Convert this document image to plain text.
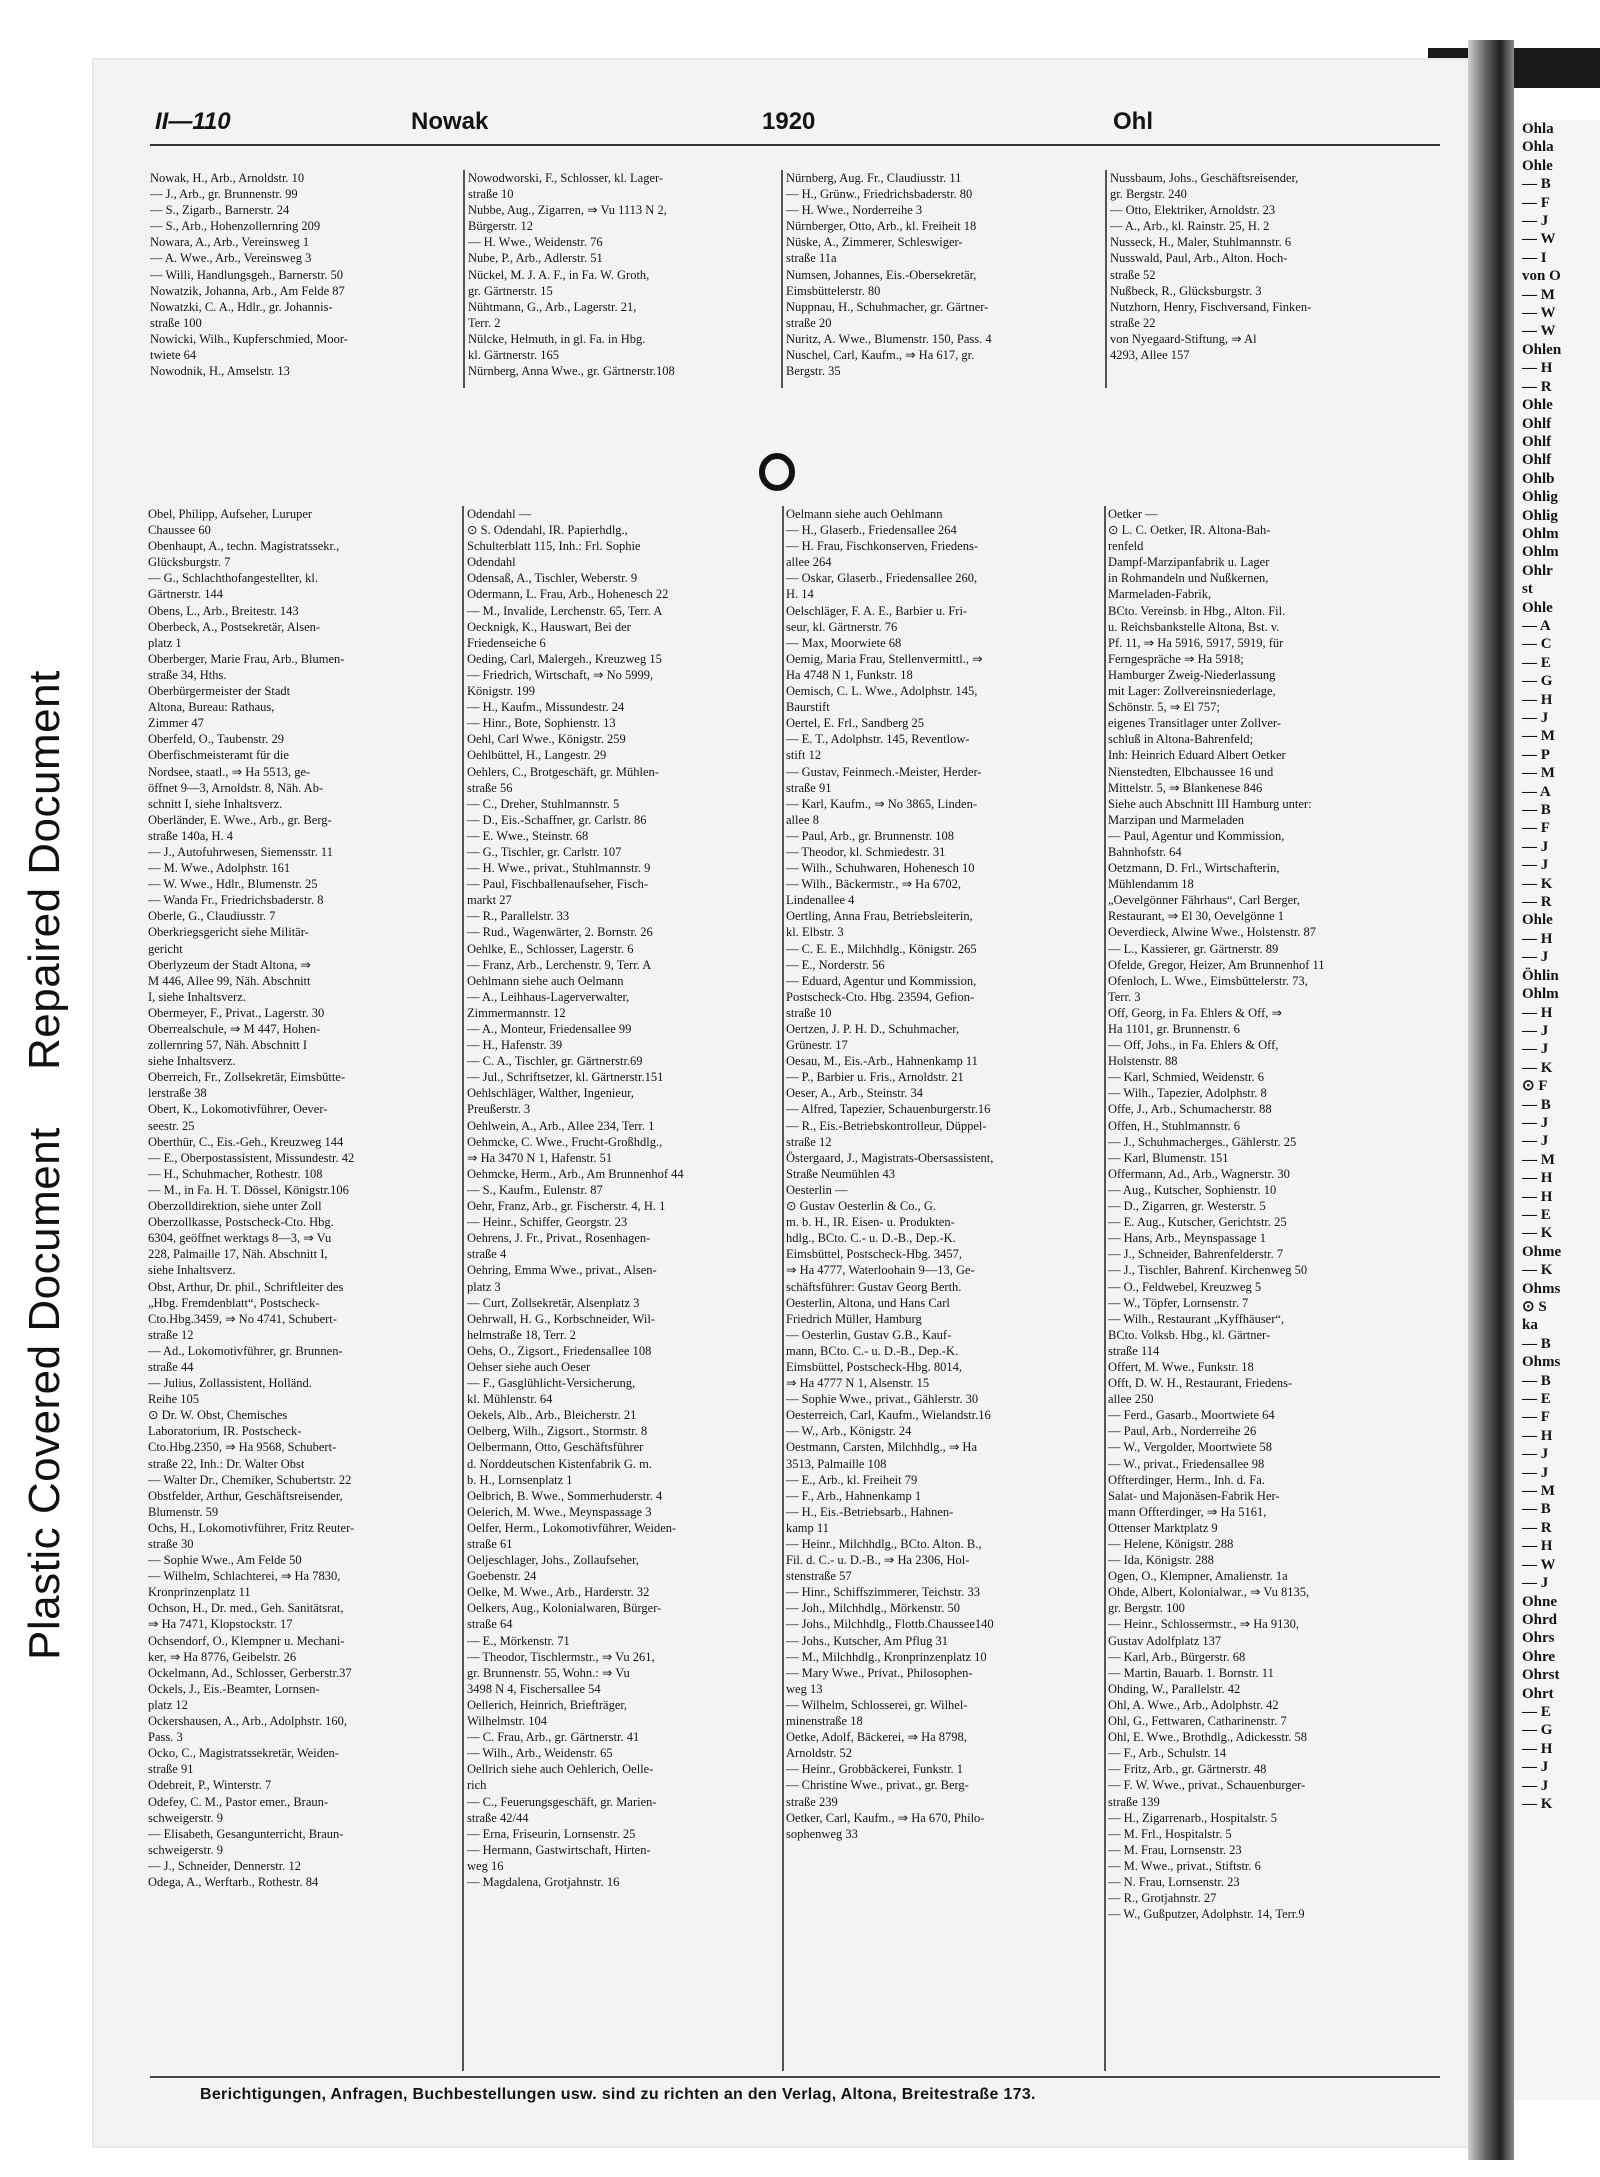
Plastic Covered Document
Repaired Document
Ohla
Ohla
Ohle
— B
— F
— J
— W
— I
von O
— M
— W
— W
Ohlen
— H
— R
Ohle
Ohlf
Ohlf
Ohlf
Ohlb
Ohlig
Ohlig
Ohlm
Ohlm
Ohlr
st
Ohle
— A
— C
— E
— G
— H
— J
— M
— P
— M
— A
— B
— F
— J
— J
— K
— R
Ohle
— H
— J
Öhlin
Ohlm
— H
— J
— J
— K
⊙ F
— B
— J
— J
— M
— H
— H
— E
— K
Ohme
— K
Ohms
⊙ S
ka
— B
Ohms
— B
— E
— F
— H
— J
— J
— M
— B
— R
— H
— W
— J
Ohne
Ohrd
Ohrs
Ohre
Ohrst
Ohrt
— E
— G
— H
— J
— J
— K
II—110	Nowak	1920	Ohl
Nowak, H., Arb., Arnoldstr. 10
— J., Arb., gr. Brunnenstr. 99
— S., Zigarb., Barnerstr. 24
— S., Arb., Hohenzollernring 209
Nowara, A., Arb., Vereinsweg 1
— A. Wwe., Arb., Vereinsweg 3
— Willi, Handlungsgeh., Barnerstr. 50
Nowatzik, Johanna, Arb., Am Felde 87
Nowatzki, C. A., Hdlr., gr. Johannis-
straße 100
Nowicki, Wilh., Kupferschmied, Moor-
twiete 64
Nowodnik, H., Amselstr. 13
Nowodworski, F., Schlosser, kl. Lager-
straße 10
Nubbe, Aug., Zigarren, ⇒ Vu 1113 N 2,
Bürgerstr. 12
— H. Wwe., Weidenstr. 76
Nube, P., Arb., Adlerstr. 51
Nückel, M. J. A. F., in Fa. W. Groth,
gr. Gärtnerstr. 15
Nühtmann, G., Arb., Lagerstr. 21,
Terr. 2
Nülcke, Helmuth, in gl. Fa. in Hbg.
kl. Gärtnerstr. 165
Nürnberg, Anna Wwe., gr. Gärtnerstr.108
Nürnberg, Aug. Fr., Claudiusstr. 11
— H., Grünw., Friedrichsbaderstr. 80
— H. Wwe., Norderreihe 3
Nürnberger, Otto, Arb., kl. Freiheit 18
Nüske, A., Zimmerer, Schleswiger-
straße 11a
Numsen, Johannes, Eis.-Obersekretär,
Eimsbüttelerstr. 80
Nuppnau, H., Schuhmacher, gr. Gärtner-
straße 20
Nuritz, A. Wwe., Blumenstr. 150, Pass. 4
Nuschel, Carl, Kaufm., ⇒ Ha 617, gr.
Bergstr. 35
Nussbaum, Johs., Geschäftsreisender,
gr. Bergstr. 240
— Otto, Elektriker, Arnoldstr. 23
— A., Arb., kl. Rainstr. 25, H. 2
Nusseck, H., Maler, Stuhlmannstr. 6
Nusswald, Paul, Arb., Alton. Hoch-
straße 52
Nußbeck, R., Glücksburgstr. 3
Nutzhorn, Henry, Fischversand, Finken-
straße 22
von Nyegaard-Stiftung, ⇒ Al
4293, Allee 157
Obel, Philipp, Aufseher, Luruper
Chaussee 60
Obenhaupt, A., techn. Magistratssekr.,
Glücksburgstr. 7
— G., Schlachthofangestellter, kl.
Gärtnerstr. 144
Obens, L., Arb., Breitestr. 143
Oberbeck, A., Postsekretär, Alsen-
platz 1
Oberberger, Marie Frau, Arb., Blumen-
straße 34, Hths.
Oberbürgermeister der Stadt
Altona, Bureau: Rathaus,
Zimmer 47
Oberfeld, O., Taubenstr. 29
Oberfischmeisteramt für die
Nordsee, staatl., ⇒ Ha 5513, ge-
öffnet 9—3, Arnoldstr. 8, Näh. Ab-
schnitt I, siehe Inhaltsverz.
Oberländer, E. Wwe., Arb., gr. Berg-
straße 140a, H. 4
— J., Autofuhrwesen, Siemensstr. 11
— M. Wwe., Adolphstr. 161
— W. Wwe., Hdlr., Blumenstr. 25
— Wanda Fr., Friedrichsbaderstr. 8
Oberle, G., Claudiusstr. 7
Oberkriegsgericht siehe Militär-
gericht
Oberlyzeum der Stadt Altona, ⇒
M 446, Allee 99, Näh. Abschnitt
I, siehe Inhaltsverz.
Obermeyer, F., Privat., Lagerstr. 30
Oberrealschule, ⇒ M 447, Hohen-
zollernring 57, Näh. Abschnitt I
siehe Inhaltsverz.
Oberreich, Fr., Zollsekretär, Eimsbütte-
lerstraße 38
Obert, K., Lokomotivführer, Oever-
seestr. 25
Oberthür, C., Eis.-Geh., Kreuzweg 144
— E., Oberpostassistent, Missundestr. 42
— H., Schuhmacher, Rothestr. 108
— M., in Fa. H. T. Dössel, Königstr.106
Oberzolldirektion, siehe unter Zoll
Oberzollkasse, Postscheck-Cto. Hbg.
6304, geöffnet werktags 8—3, ⇒ Vu
228, Palmaille 17, Näh. Abschnitt I,
siehe Inhaltsverz.
Obst, Arthur, Dr. phil., Schriftleiter des
„Hbg. Fremdenblatt“, Postscheck-
Cto.Hbg.3459, ⇒ No 4741, Schubert-
straße 12
— Ad., Lokomotivführer, gr. Brunnen-
straße 44
— Julius, Zollassistent, Holländ.
Reihe 105
⊙ Dr. W. Obst, Chemisches
Laboratorium, IR. Postscheck-
Cto.Hbg.2350, ⇒ Ha 9568, Schubert-
straße 22, Inh.: Dr. Walter Obst
— Walter Dr., Chemiker, Schubertstr. 22
Obstfelder, Arthur, Geschäftsreisender,
Blumenstr. 59
Ochs, H., Lokomotivführer, Fritz Reuter-
straße 30
— Sophie Wwe., Am Felde 50
— Wilhelm, Schlachterei, ⇒ Ha 7830,
Kronprinzenplatz 11
Ochson, H., Dr. med., Geh. Sanitätsrat,
⇒ Ha 7471, Klopstockstr. 17
Ochsendorf, O., Klempner u. Mechani-
ker, ⇒ Ha 8776, Geibelstr. 26
Ockelmann, Ad., Schlosser, Gerberstr.37
Ockels, J., Eis.-Beamter, Lornsen-
platz 12
Ockershausen, A., Arb., Adolphstr. 160,
Pass. 3
Ocko, C., Magistratssekretär, Weiden-
straße 91
Odebreit, P., Winterstr. 7
Odefey, C. M., Pastor emer., Braun-
schweigerstr. 9
— Elisabeth, Gesangunterricht, Braun-
schweigerstr. 9
— J., Schneider, Dennerstr. 12
Odega, A., Werftarb., Rothestr. 84
Odendahl —
⊙ S. Odendahl, IR. Papierhdlg.,
Schulterblatt 115, Inh.: Frl. Sophie
Odendahl
Odensaß, A., Tischler, Weberstr. 9
Odermann, L. Frau, Arb., Hohenesch 22
— M., Invalide, Lerchenstr. 65, Terr. A
Oecknigk, K., Hauswart, Bei der
Friedenseiche 6
Oeding, Carl, Malergeh., Kreuzweg 15
— Friedrich, Wirtschaft, ⇒ No 5999,
Königstr. 199
— H., Kaufm., Missundestr. 24
— Hinr., Bote, Sophienstr. 13
Oehl, Carl Wwe., Königstr. 259
Oehlbüttel, H., Langestr. 29
Oehlers, C., Brotgeschäft, gr. Mühlen-
straße 56
— C., Dreher, Stuhlmannstr. 5
— D., Eis.-Schaffner, gr. Carlstr. 86
— E. Wwe., Steinstr. 68
— G., Tischler, gr. Carlstr. 107
— H. Wwe., privat., Stuhlmannstr. 9
— Paul, Fischballenaufseher, Fisch-
markt 27
— R., Parallelstr. 33
— Rud., Wagenwärter, 2. Bornstr. 26
Oehlke, E., Schlosser, Lagerstr. 6
— Franz, Arb., Lerchenstr. 9, Terr. A
Oehlmann siehe auch Oelmann
— A., Leihhaus-Lagerverwalter,
Zimmermannstr. 12
— A., Monteur, Friedensallee 99
— H., Hafenstr. 39
— C. A., Tischler, gr. Gärtnerstr.69
— Jul., Schriftsetzer, kl. Gärtnerstr.151
Oehlschläger, Walther, Ingenieur,
Preußerstr. 3
Oehlwein, A., Arb., Allee 234, Terr. 1
Oehmcke, C. Wwe., Frucht-Großhdlg.,
⇒ Ha 3470 N 1, Hafenstr. 51
Oehmcke, Herm., Arb., Am Brunnenhof 44
— S., Kaufm., Eulenstr. 87
Oehr, Franz, Arb., gr. Fischerstr. 4, H. 1
— Heinr., Schiffer, Georgstr. 23
Oehrens, J. Fr., Privat., Rosenhagen-
straße 4
Oehring, Emma Wwe., privat., Alsen-
platz 3
— Curt, Zollsekretär, Alsenplatz 3
Oehrwall, H. G., Korbschneider, Wil-
helmstraße 18, Terr. 2
Oehs, O., Zigsort., Friedensallee 108
Oehser siehe auch Oeser
— F., Gasglühlicht-Versicherung,
kl. Mühlenstr. 64
Oekels, Alb., Arb., Bleicherstr. 21
Oelberg, Wilh., Zigsort., Stormstr. 8
Oelbermann, Otto, Geschäftsführer
d. Norddeutschen Kistenfabrik G. m.
b. H., Lornsenplatz 1
Oelbrich, B. Wwe., Sommerhuderstr. 4
Oelerich, M. Wwe., Meynspassage 3
Oelfer, Herm., Lokomotivführer, Weiden-
straße 61
Oeljeschlager, Johs., Zollaufseher,
Goebenstr. 24
Oelke, M. Wwe., Arb., Harderstr. 32
Oelkers, Aug., Kolonialwaren, Bürger-
straße 64
— E., Mörkenstr. 71
— Theodor, Tischlermstr., ⇒ Vu 261,
gr. Brunnenstr. 55, Wohn.: ⇒ Vu
3498 N 4, Fischersallee 54
Oellerich, Heinrich, Briefträger,
Wilhelmstr. 104
— C. Frau, Arb., gr. Gärtnerstr. 41
— Wilh., Arb., Weidenstr. 65
Oellrich siehe auch Oehlerich, Oelle-
rich
— C., Feuerungsgeschäft, gr. Marien-
straße 42/44
— Erna, Friseurin, Lornsenstr. 25
— Hermann, Gastwirtschaft, Hirten-
weg 16
— Magdalena, Grotjahnstr. 16
Oelmann siehe auch Oehlmann
— H., Glaserb., Friedensallee 264
— H. Frau, Fischkonserven, Friedens-
allee 264
— Oskar, Glaserb., Friedensallee 260,
H. 14
Oelschläger, F. A. E., Barbier u. Fri-
seur, kl. Gärtnerstr. 76
— Max, Moorwiete 68
Oemig, Maria Frau, Stellenvermittl., ⇒
Ha 4748 N 1, Funkstr. 18
Oemisch, C. L. Wwe., Adolphstr. 145,
Baurstift
Oertel, E. Frl., Sandberg 25
— E. T., Adolphstr. 145, Reventlow-
stift 12
— Gustav, Feinmech.-Meister, Herder-
straße 91
— Karl, Kaufm., ⇒ No 3865, Linden-
allee 8
— Paul, Arb., gr. Brunnenstr. 108
— Theodor, kl. Schmiedestr. 31
— Wilh., Schuhwaren, Hohenesch 10
— Wilh., Bäckermstr., ⇒ Ha 6702,
Lindenallee 4
Oertling, Anna Frau, Betriebsleiterin,
kl. Elbstr. 3
— C. E. E., Milchhdlg., Königstr. 265
— E., Norderstr. 56
— Eduard, Agentur und Kommission,
Postscheck-Cto. Hbg. 23594, Gefion-
straße 10
Oertzen, J. P. H. D., Schuhmacher,
Grünestr. 17
Oesau, M., Eis.-Arb., Hahnenkamp 11
— P., Barbier u. Fris., Arnoldstr. 21
Oeser, A., Arb., Steinstr. 34
— Alfred, Tapezier, Schauenburgerstr.16
— R., Eis.-Betriebskontrolleur, Düppel-
straße 12
Östergaard, J., Magistrats-Obersassistent,
Straße Neumühlen 43
Oesterlin —
⊙ Gustav Oesterlin & Co., G.
m. b. H., IR. Eisen- u. Produkten-
hdlg., BCto. C.- u. D.-B., Dep.-K.
Eimsbüttel, Postscheck-Hbg. 3457,
⇒ Ha 4777, Waterloohain 9—13, Ge-
schäftsführer: Gustav Georg Berth.
Oesterlin, Altona, und Hans Carl
Friedrich Müller, Hamburg
— Oesterlin, Gustav G.B., Kauf-
mann, BCto. C.- u. D.-B., Dep.-K.
Eimsbüttel, Postscheck-Hbg. 8014,
⇒ Ha 4777 N 1, Alsenstr. 15
— Sophie Wwe., privat., Gählerstr. 30
Oesterreich, Carl, Kaufm., Wielandstr.16
— W., Arb., Königstr. 24
Oestmann, Carsten, Milchhdlg., ⇒ Ha
3513, Palmaille 108
— E., Arb., kl. Freiheit 79
— F., Arb., Hahnenkamp 1
— H., Eis.-Betriebsarb., Hahnen-
kamp 11
— Heinr., Milchhdlg., BCto. Alton. B.,
Fil. d. C.- u. D.-B., ⇒ Ha 2306, Hol-
stenstraße 57
— Hinr., Schiffszimmerer, Teichstr. 33
— Joh., Milchhdlg., Mörkenstr. 50
— Johs., Milchhdlg., Flottb.Chaussee140
— Johs., Kutscher, Am Pflug 31
— M., Milchhdlg., Kronprinzenplatz 10
— Mary Wwe., Privat., Philosophen-
weg 13
— Wilhelm, Schlosserei, gr. Wilhel-
minenstraße 18
Oetke, Adolf, Bäckerei, ⇒ Ha 8798,
Arnoldstr. 52
— Heinr., Grobbäckerei, Funkstr. 1
— Christine Wwe., privat., gr. Berg-
straße 239
Oetker, Carl, Kaufm., ⇒ Ha 670, Philo-
sophenweg 33
Oetker —
⊙ L. C. Oetker, IR. Altona-Bah-
renfeld
Dampf-Marzipanfabrik u. Lager
in Rohmandeln und Nußkernen,
Marmeladen-Fabrik,
BCto. Vereinsb. in Hbg., Alton. Fil.
u. Reichsbankstelle Altona, Bst. v.
Pf. 11, ⇒ Ha 5916, 5917, 5919, für
Ferngespräche ⇒ Ha 5918;
Hamburger Zweig-Niederlassung
mit Lager: Zollvereinsniederlage,
Schönstr. 5, ⇒ El 757;
eigenes Transitlager unter Zollver-
schluß in Altona-Bahrenfeld;
Inh: Heinrich Eduard Albert Oetker
Nienstedten, Elbchaussee 16 und
Mittelstr. 5, ⇒ Blankenese 846
Siehe auch Abschnitt III Hamburg unter:
Marzipan und Marmeladen
— Paul, Agentur und Kommission,
Bahnhofstr. 64
Oetzmann, D. Frl., Wirtschafterin,
Mühlendamm 18
„Oevelgönner Fährhaus“, Carl Berger,
Restaurant, ⇒ El 30, Oevelgönne 1
Oeverdieck, Alwine Wwe., Holstenstr. 87
— L., Kassierer, gr. Gärtnerstr. 89
Ofelde, Gregor, Heizer, Am Brunnenhof 11
Ofenloch, L. Wwe., Eimsbüttelerstr. 73,
Terr. 3
Off, Georg, in Fa. Ehlers & Off, ⇒
Ha 1101, gr. Brunnenstr. 6
— Off, Johs., in Fa. Ehlers & Off,
Holstenstr. 88
— Karl, Schmied, Weidenstr. 6
— Wilh., Tapezier, Adolphstr. 8
Offe, J., Arb., Schumacherstr. 88
Offen, H., Stuhlmannstr. 6
— J., Schuhmacherges., Gählerstr. 25
— Karl, Blumenstr. 151
Offermann, Ad., Arb., Wagnerstr. 30
— Aug., Kutscher, Sophienstr. 10
— D., Zigarren, gr. Westerstr. 5
— E. Aug., Kutscher, Gerichtstr. 25
— Hans, Arb., Meynspassage 1
— J., Schneider, Bahrenfelderstr. 7
— J., Tischler, Bahrenf. Kirchenweg 50
— O., Feldwebel, Kreuzweg 5
— W., Töpfer, Lornsenstr. 7
— Wilh., Restaurant „Kyffhäuser“,
BCto. Volksb. Hbg., kl. Gärtner-
straße 114
Offert, M. Wwe., Funkstr. 18
Offt, D. W. H., Restaurant, Friedens-
allee 250
— Ferd., Gasarb., Moortwiete 64
— Paul, Arb., Norderreihe 26
— W., Vergolder, Moortwiete 58
— W., privat., Friedensallee 98
Offterdinger, Herm., Inh. d. Fa.
Salat- und Majonäsen-Fabrik Her-
mann Offterdinger, ⇒ Ha 5161,
Ottenser Marktplatz 9
— Helene, Königstr. 288
— Ida, Königstr. 288
Ogen, O., Klempner, Amalienstr. 1a
Ohde, Albert, Kolonialwar., ⇒ Vu 8135,
gr. Bergstr. 100
— Heinr., Schlossermstr., ⇒ Ha 9130,
Gustav Adolfplatz 137
— Karl, Arb., Bürgerstr. 68
— Martin, Bauarb. 1. Bornstr. 11
Ohding, W., Parallelstr. 42
Ohl, A. Wwe., Arb., Adolphstr. 42
Ohl, G., Fettwaren, Catharinenstr. 7
Ohl, E. Wwe., Brothdlg., Adickesstr. 58
— F., Arb., Schulstr. 14
— Fritz, Arb., gr. Gärtnerstr. 48
— F. W. Wwe., privat., Schauenburger-
straße 139
— H., Zigarrenarb., Hospitalstr. 5
— M. Frl., Hospitalstr. 5
— M. Frau, Lornsenstr. 23
— M. Wwe., privat., Stiftstr. 6
— N. Frau, Lornsenstr. 23
— R., Grotjahnstr. 27
— W., Gußputzer, Adolphstr. 14, Terr.9
Berichtigungen, Anfragen, Buchbestellungen usw. sind zu richten an den Verlag, Altona, Breitestraße 173.
